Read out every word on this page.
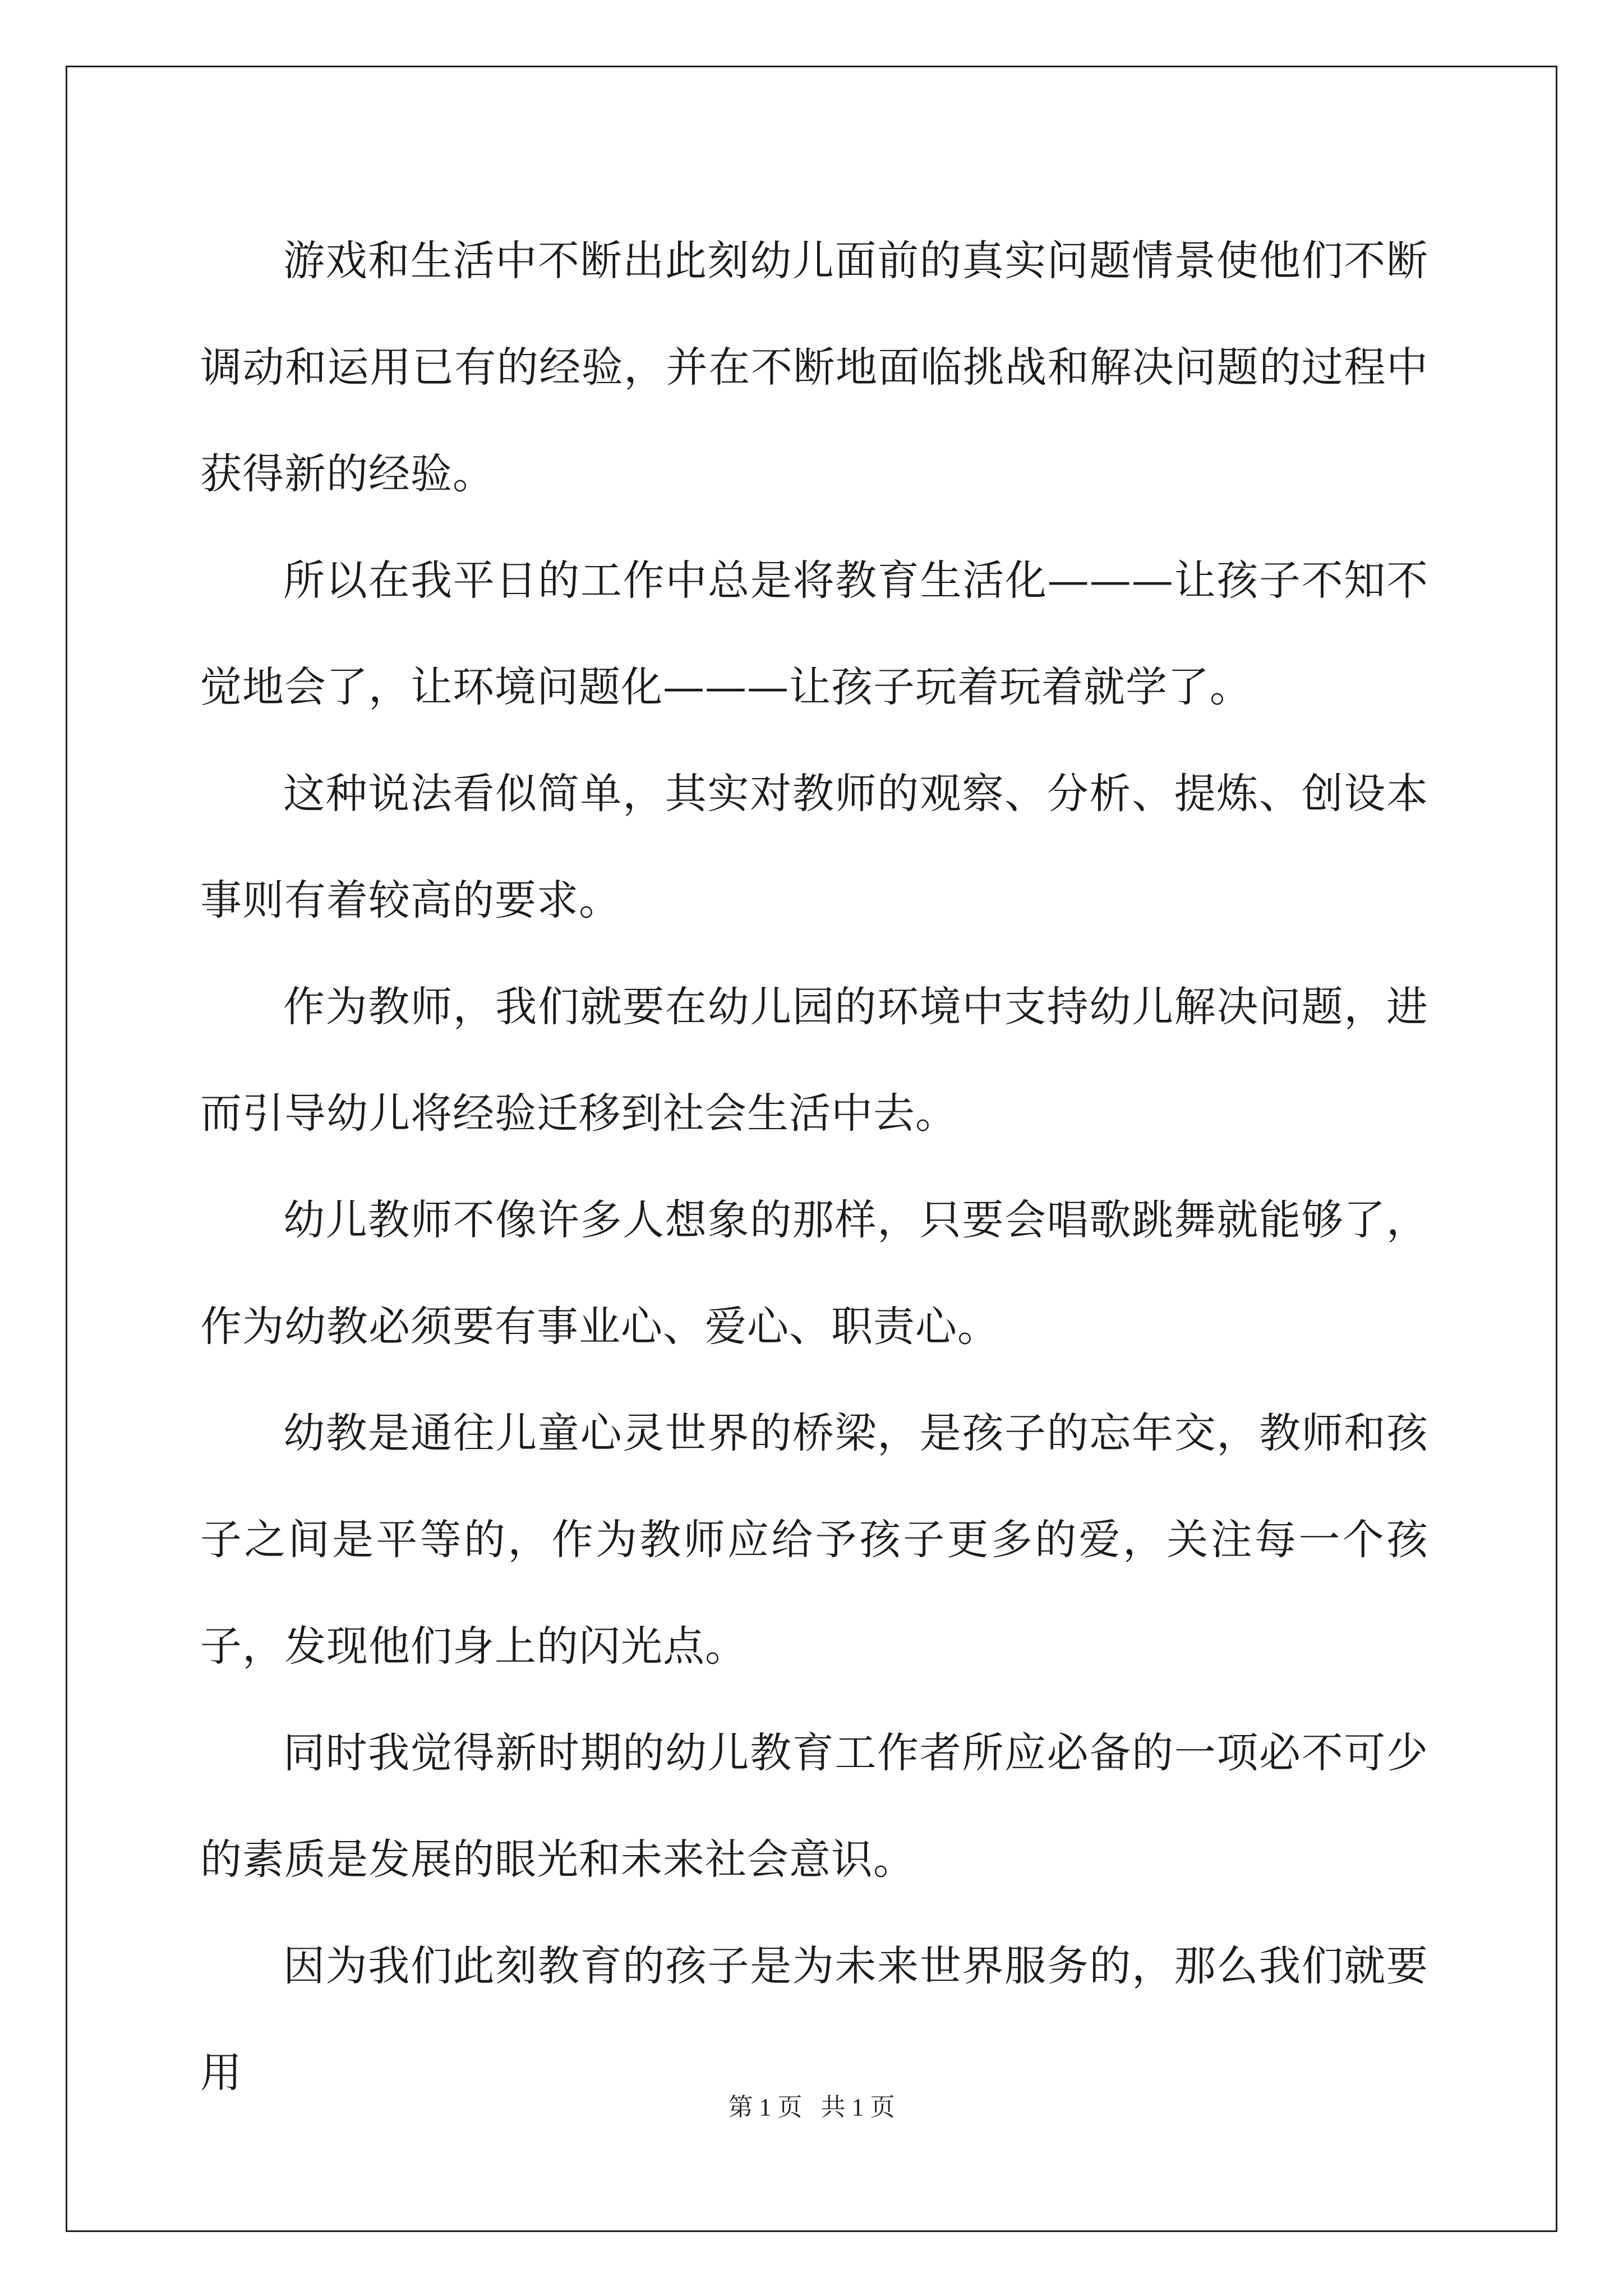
游戏和生活中不断出此刻幼儿面前的真实问题情景使他们不断调动和运用已有的经验，并在不断地面临挑战和解决问题的过程中获得新的经验。

所以在我平日的工作中总是将教育生活化———让孩子不知不觉地会了，让环境问题化———让孩子玩着玩着就学了。

这种说法看似简单，其实对教师的观察、分析、提炼、创设本事则有着较高的要求。

作为教师，我们就要在幼儿园的环境中支持幼儿解决问题，进而引导幼儿将经验迁移到社会生活中去。

幼儿教师不像许多人想象的那样，只要会唱歌跳舞就能够了，作为幼教必须要有事业心、爱心、职责心。

幼教是通往儿童心灵世界的桥梁，是孩子的忘年交，教师和孩子之间是平等的，作为教师应给予孩子更多的爱，关注每一个孩子，发现他们身上的闪光点。

同时我觉得新时期的幼儿教育工作者所应必备的一项必不可少的素质是发展的眼光和未来社会意识。

因为我们此刻教育的孩子是为未来世界服务的，那么我们就要用

第 1 页 共 1 页
